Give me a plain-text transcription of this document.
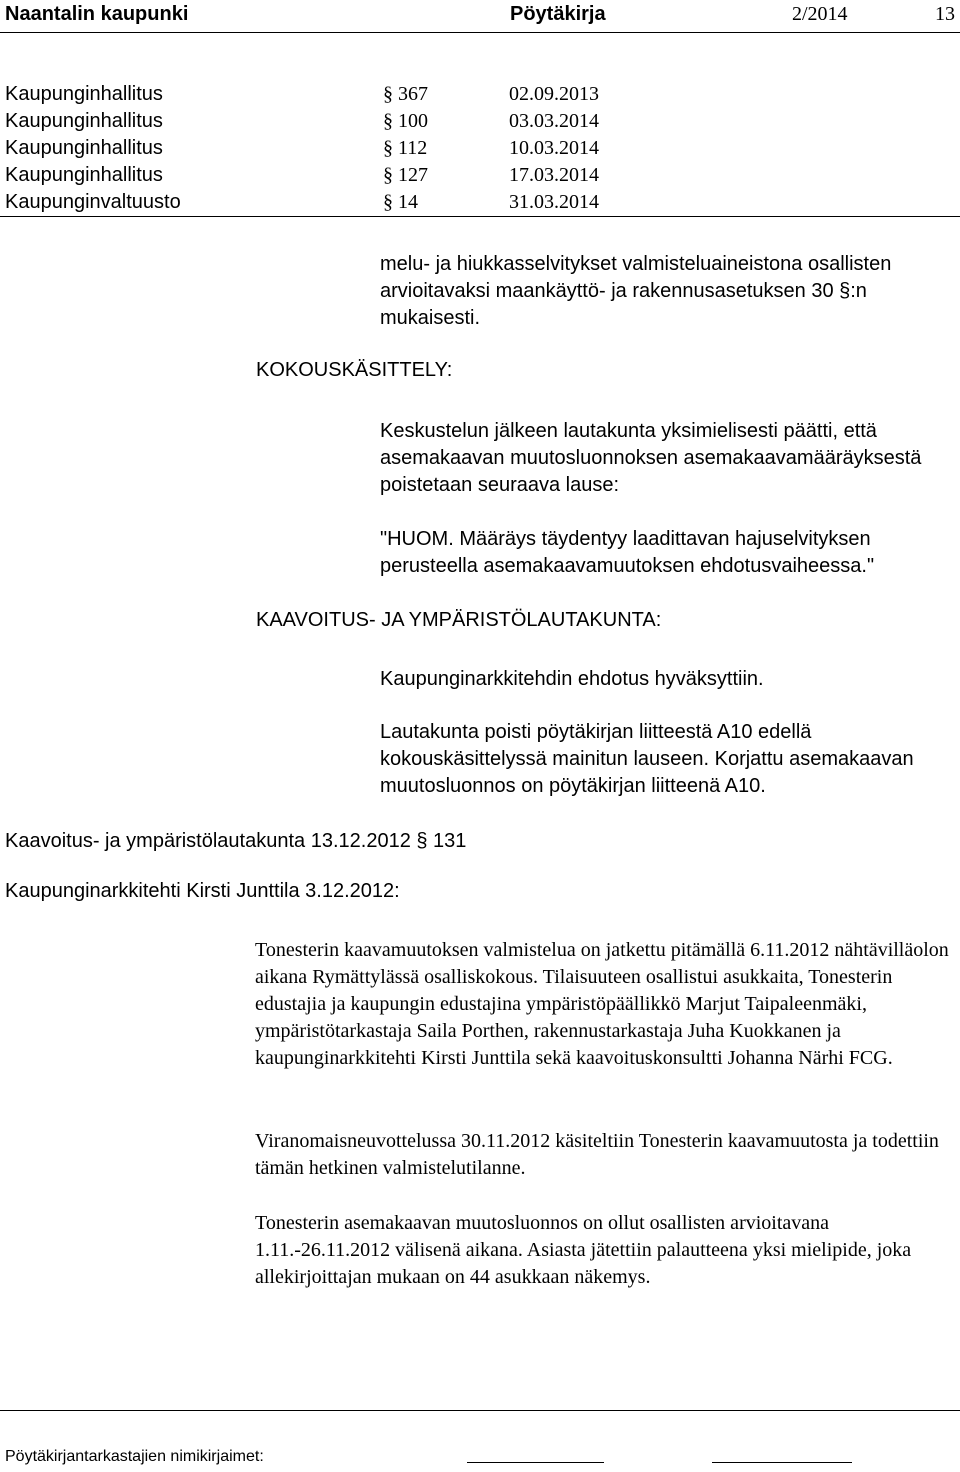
Naantalin kaupunki	Pöytäkirja	2/2014	13
Kaupunginhallitus	§ 367	02.09.2013
Kaupunginhallitus	§ 100	03.03.2014
Kaupunginhallitus	§ 112	10.03.2014
Kaupunginhallitus	§ 127	17.03.2014
Kaupunginvaltuusto	§ 14	31.03.2014
melu- ja hiukkasselvitykset valmisteluaineistona osallisten arvioitavaksi maankäyttö- ja rakennusasetuksen 30 §:n mukaisesti.
KOKOUSKÄSITTELY:
Keskustelun jälkeen lautakunta yksimielisesti päätti, että asemakaavan muutosluonnoksen asemakaavamääräyksestä poistetaan seuraava lause:
"HUOM. Määräys täydentyy laadittavan hajuselvityksen perusteella asemakaavamuutoksen ehdotusvaiheessa."
KAAVOITUS- JA YMPÄRISTÖLAUTAKUNTA:
Kaupunginarkkitehdin ehdotus hyväksyttiin.
Lautakunta poisti pöytäkirjan liitteestä A10 edellä kokouskäsittelyssä mainitun lauseen. Korjattu asemakaavan muutosluonnos on pöytäkirjan liitteenä A10.
Kaavoitus- ja ympäristölautakunta 13.12.2012 § 131
Kaupunginarkkitehti Kirsti Junttila 3.12.2012:
Tonesterin kaavamuutoksen valmistelua on jatkettu pitämällä 6.11.2012 nähtävilläolon aikana Rymättylässä osalliskokous. Tilaisuuteen osallistui asukkaita, Tonesterin edustajia ja kaupungin edustajina ympäristöpäällikkö Marjut Taipaleenmäki, ympäristötarkastaja Saila Porthen, rakennustarkastaja Juha Kuokkanen ja kaupunginarkkitehti Kirsti Junttila sekä kaavoituskonsultti Johanna Närhi FCG.
Viranomaisneuvottelussa 30.11.2012 käsiteltiin Tonesterin kaavamuutosta ja todettiin tämän hetkinen valmistelutilanne.
Tonesterin asemakaavan muutosluonnos on ollut osallisten arvioitavana 1.11.-26.11.2012 välisenä aikana. Asiasta jätettiin palautteena yksi mielipide, joka allekirjoittajan mukaan on 44 asukkaan näkemys.
Pöytäkirjantarkastajien nimikirjaimet:
